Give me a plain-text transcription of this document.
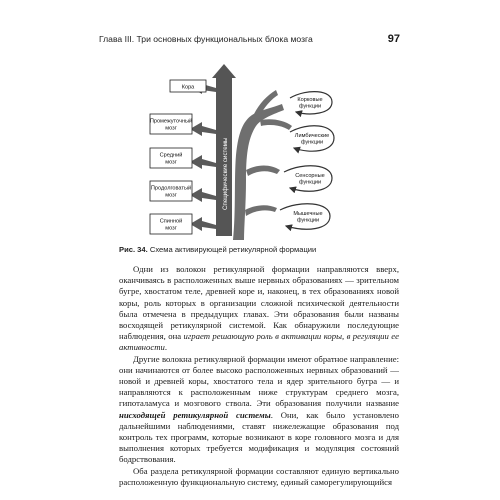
Глава III. Три основных функциональных блока мозга	97
Специфические системы
Кора
Промежуточный
мозг
Средний
мозг
Продолговатый
мозг
Спинной
мозг
Корковые
функции
Лимбические
функции
Сенсорные
функции
Мышечные
функции
Рис. 34. Схема активирующей ретикулярной формации

Одни из волокон ретикулярной формации направляются вверх, оканчиваясь в расположенных выше нервных образованиях — зрительном бугре, хвостатом теле, древней коре и, наконец, в тех образованиях новой коры, роль которых в организации сложной психической деятельности была отмечена в предыдущих главах. Эти образования были названы восходящей ретикулярной системой. Как обнаружили последующие наблюдения, она играет решающую роль в активации коры, в регуляции ее активности.

Другие волокна ретикулярной формации имеют обратное направление: они начинаются от более высоко расположенных нервных образований — новой и древней коры, хвостатого тела и ядер зрительного бугра — и направляются к расположенным ниже структурам среднего мозга, гипоталамуса и мозгового ствола. Эти образования получили название нисходящей ретикулярной системы. Они, как было установлено дальнейшими наблюдениями, ставят нижележащие образования под контроль тех программ, которые возникают в коре головного мозга и для выполнения которых требуется модификация и модуляция состояний бодрствования.

Оба раздела ретикулярной формации составляют единую вертикально расположенную функциональную систему, единый саморегулирующийся
